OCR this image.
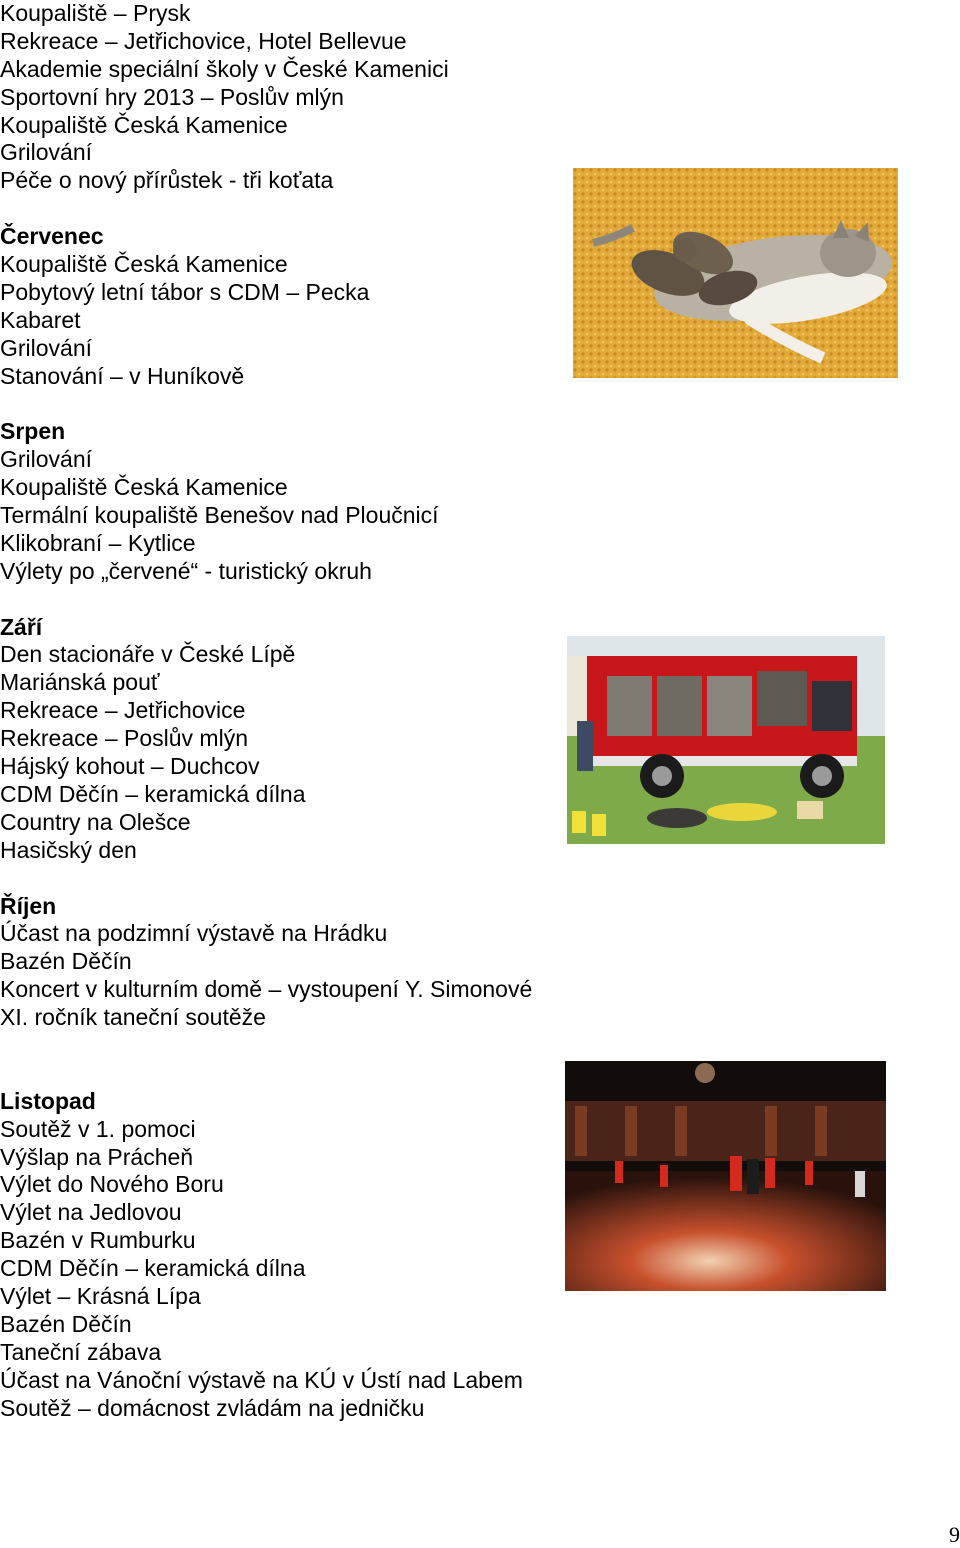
Koupaliště – Prysk
Rekreace – Jetřichovice, Hotel Bellevue
Akademie speciální školy v České Kamenici
Sportovní hry 2013 – Poslův mlýn
Koupaliště Česká Kamenice
Grilování
Péče o nový přírůstek - tři koťata
Červenec
Koupaliště Česká Kamenice
Pobytový letní tábor s CDM – Pecka
Kabaret
Grilování
Stanování – v Huníkově
Srpen
Grilování
Koupaliště Česká Kamenice
Termální koupaliště Benešov nad Ploučnicí
Klikobraní – Kytlice
Výlety po „červené“ - turistický okruh
Září
Den stacionáře v České Lípě
Mariánská pouť
Rekreace – Jetřichovice
Rekreace – Poslův mlýn
Hájský kohout – Duchcov
CDM Děčín – keramická dílna
Country na Olešce
Hasičský den
Říjen
Účast na podzimní výstavě na Hrádku
Bazén Děčín
Koncert v kulturním domě – vystoupení Y. Simonové
XI. ročník taneční soutěže
Listopad
Soutěž v 1. pomoci
Výšlap na Prácheň
Výlet do Nového Boru
Výlet na Jedlovou
Bazén v Rumburku
CDM Děčín – keramická dílna
Výlet – Krásná Lípa
Bazén Děčín
Taneční zábava
Účast na Vánoční výstavě na KÚ v Ústí nad Labem
Soutěž – domácnost zvládám na jedničku
9
